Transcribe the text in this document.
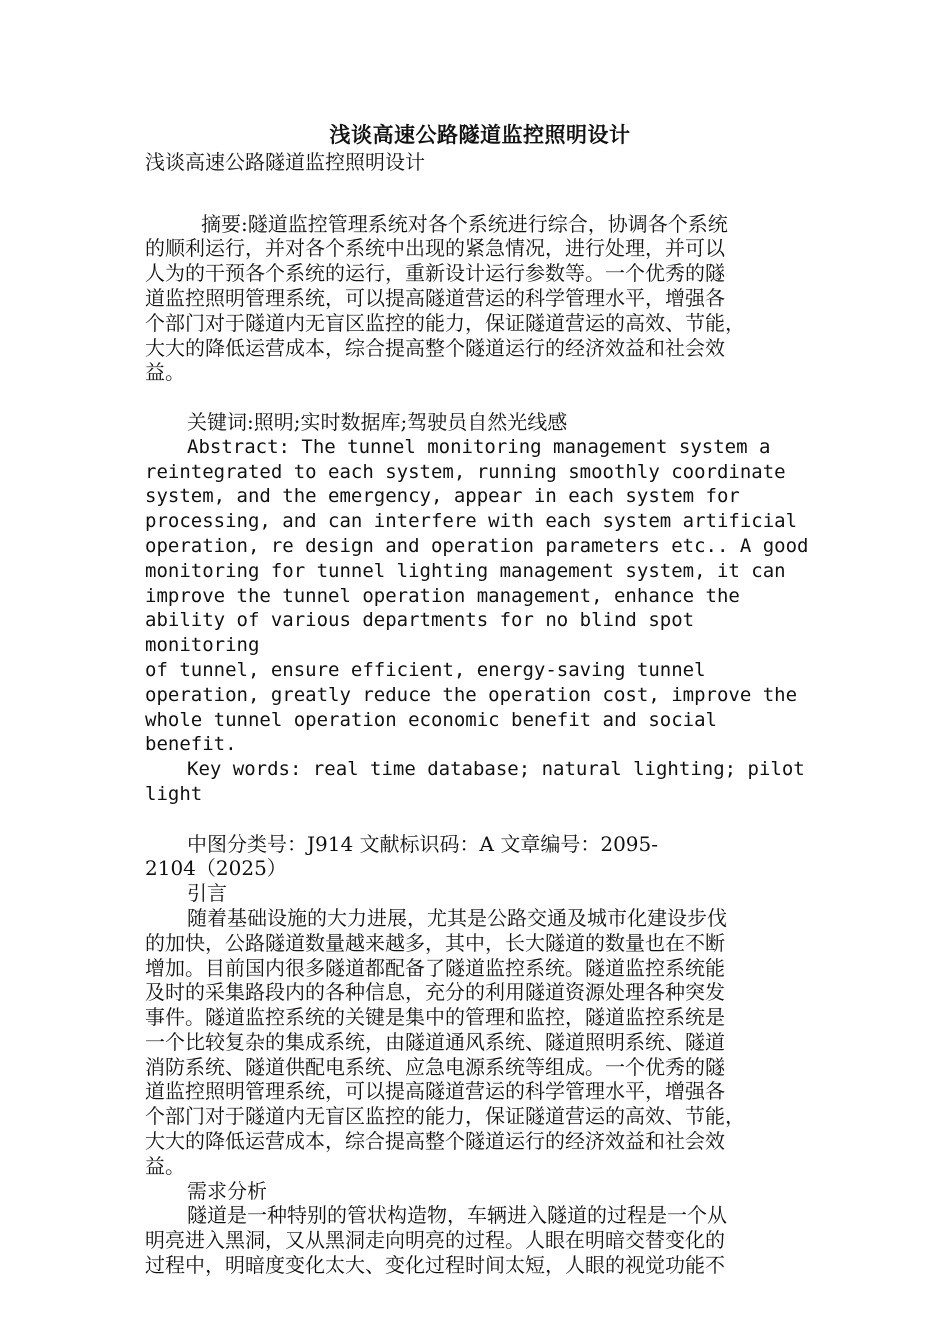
浅谈高速公路隧道监控照明设计

浅谈高速公路隧道监控照明设计

摘要:隧道监控管理系统对各个系统进行综合，协调各个系统

的顺利运行，并对各个系统中出现的紧急情况，进行处理，并可以

人为的干预各个系统的运行，重新设计运行参数等。一个优秀的隧

道监控照明管理系统，可以提高隧道营运的科学管理水平，增强各

个部门对于隧道内无盲区监控的能力，保证隧道营运的高效、节能，

大大的降低运营成本，综合提高整个隧道运行的经济效益和社会效

益。

关键词:照明;实时数据库;驾驶员自然光线感

Abstract: The tunnel monitoring management system a

reintegrated to each system, running smoothly coordinate

system, and the emergency, appear in each system for

processing, and can interfere with each system artificial

operation, re design and operation parameters etc.. A good

monitoring for tunnel lighting management system, it can

improve the tunnel operation management, enhance the

ability of various departments for no blind spot monitoring

of tunnel, ensure efficient, energy-saving tunnel

operation, greatly reduce the operation cost, improve the

whole tunnel operation economic benefit and social benefit.

Key words: real time database; natural lighting; pilot

light

中图分类号：J914 文献标识码：A 文章编号：2095-

2104（2025）

引言

随着基础设施的大力进展，尤其是公路交通及城市化建设步伐

的加快，公路隧道数量越来越多，其中，长大隧道的数量也在不断

增加。目前国内很多隧道都配备了隧道监控系统。隧道监控系统能

及时的采集路段内的各种信息，充分的利用隧道资源处理各种突发

事件。隧道监控系统的关键是集中的管理和监控，隧道监控系统是

一个比较复杂的集成系统，由隧道通风系统、隧道照明系统、隧道

消防系统、隧道供配电系统、应急电源系统等组成。一个优秀的隧

道监控照明管理系统，可以提高隧道营运的科学管理水平，增强各

个部门对于隧道内无盲区监控的能力，保证隧道营运的高效、节能，

大大的降低运营成本，综合提高整个隧道运行的经济效益和社会效

益。

需求分析

隧道是一种特别的管状构造物，车辆进入隧道的过程是一个从

明亮进入黑洞，又从黑洞走向明亮的过程。人眼在明暗交替变化的

过程中，明暗度变化太大、变化过程时间太短，人眼的视觉功能不
